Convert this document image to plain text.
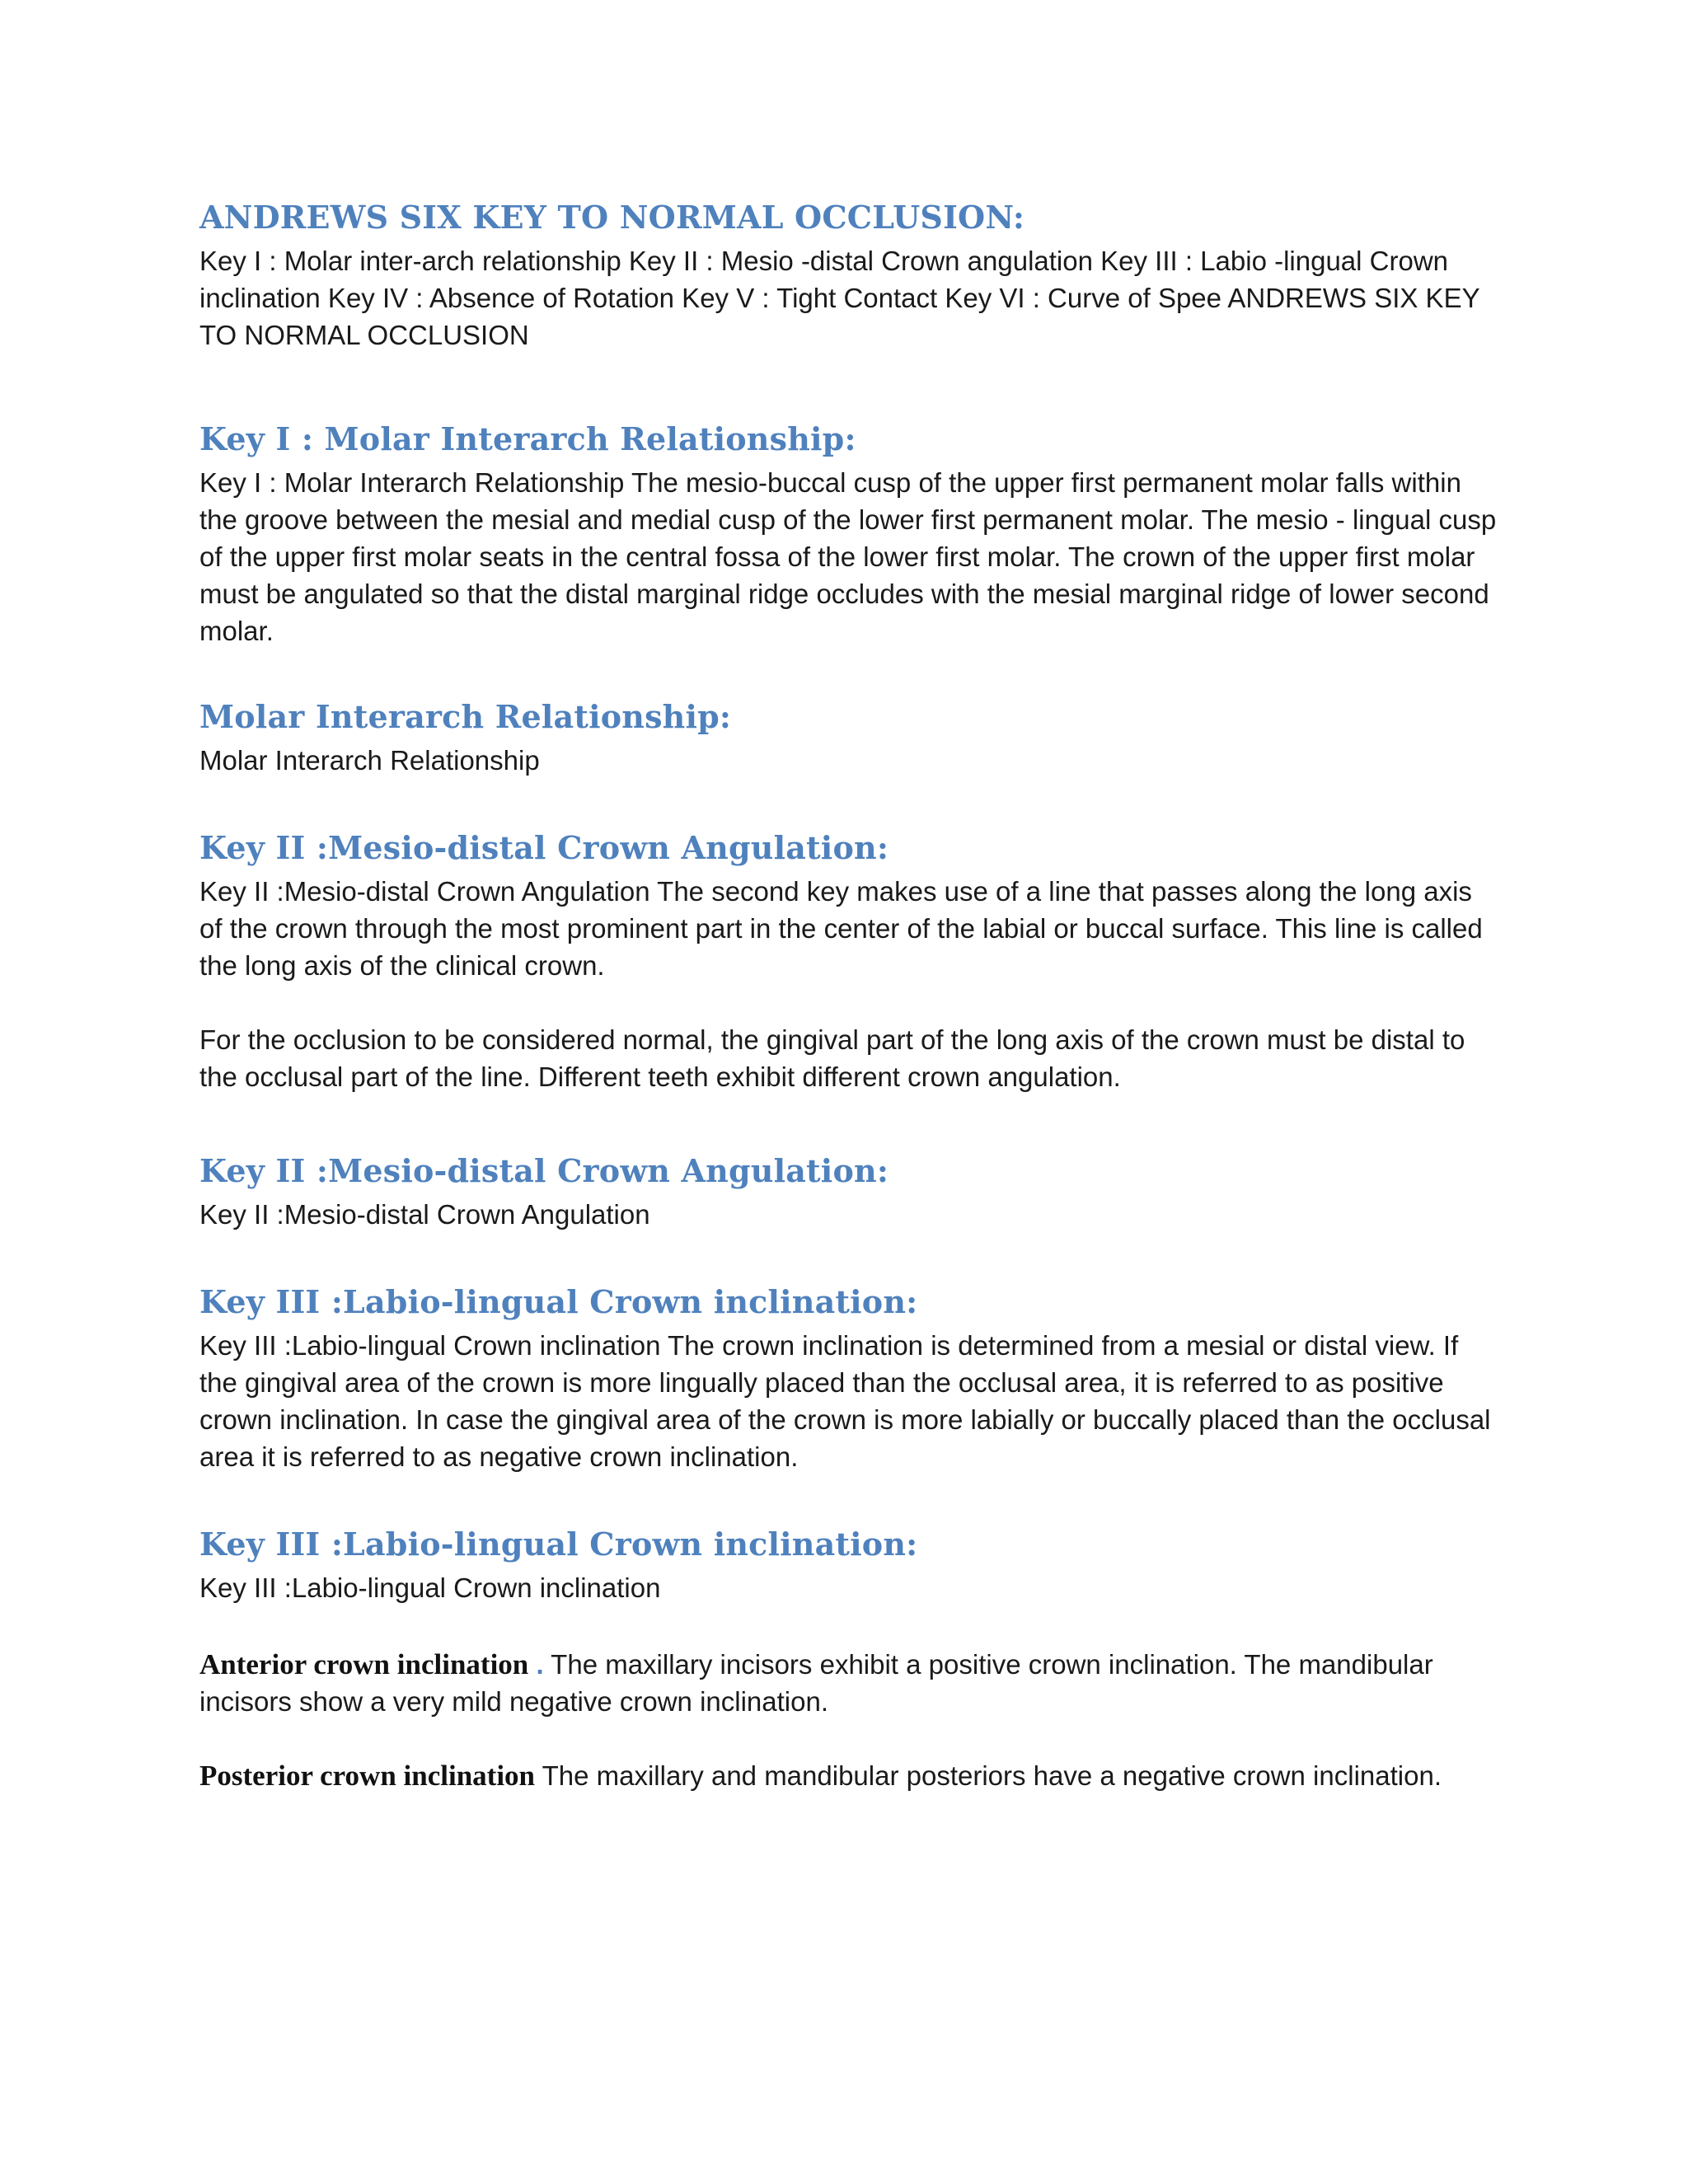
ANDREWS SIX KEY TO NORMAL OCCLUSION:

Key I : Molar inter-arch relationship Key II : Mesio -distal Crown angulation Key III : Labio -lingual Crown inclination Key IV : Absence of Rotation Key V : Tight Contact Key VI : Curve of Spee ANDREWS SIX KEY TO NORMAL OCCLUSION

Key I : Molar Interarch Relationship:

Key I : Molar Interarch Relationship The mesio-buccal cusp of the upper first permanent molar falls within the groove between the mesial and medial cusp of the lower first permanent molar. The mesio - lingual cusp of the upper first molar seats in the central fossa of the lower first molar. The crown of the upper first molar must be angulated so that the distal marginal ridge occludes with the mesial marginal ridge of lower second molar.

Molar Interarch Relationship:

Molar Interarch Relationship

Key II :Mesio-distal Crown Angulation:

Key II :Mesio-distal Crown Angulation The second key makes use of a line that passes along the long axis of the crown through the most prominent part in the center of the labial or buccal surface. This line is called the long axis of the clinical crown.

For the occlusion to be considered normal, the gingival part of the long axis of the crown must be distal to the occlusal part of the line. Different teeth exhibit different crown angulation.

Key II :Mesio-distal Crown Angulation:

Key II :Mesio-distal Crown Angulation

Key III :Labio-lingual Crown inclination:

Key III :Labio-lingual Crown inclination The crown inclination is determined from a mesial or distal view. If the gingival area of the crown is more lingually placed than the occlusal area, it is referred to as positive crown inclination. In case the gingival area of the crown is more labially or buccally placed than the occlusal area it is referred to as negative crown inclination.

Key III :Labio-lingual Crown inclination:

Key III :Labio-lingual Crown inclination

Anterior crown inclination . The maxillary incisors exhibit a positive crown inclination. The mandibular incisors show a very mild negative crown inclination.

Posterior crown inclination The maxillary and mandibular posteriors have a negative crown inclination.
